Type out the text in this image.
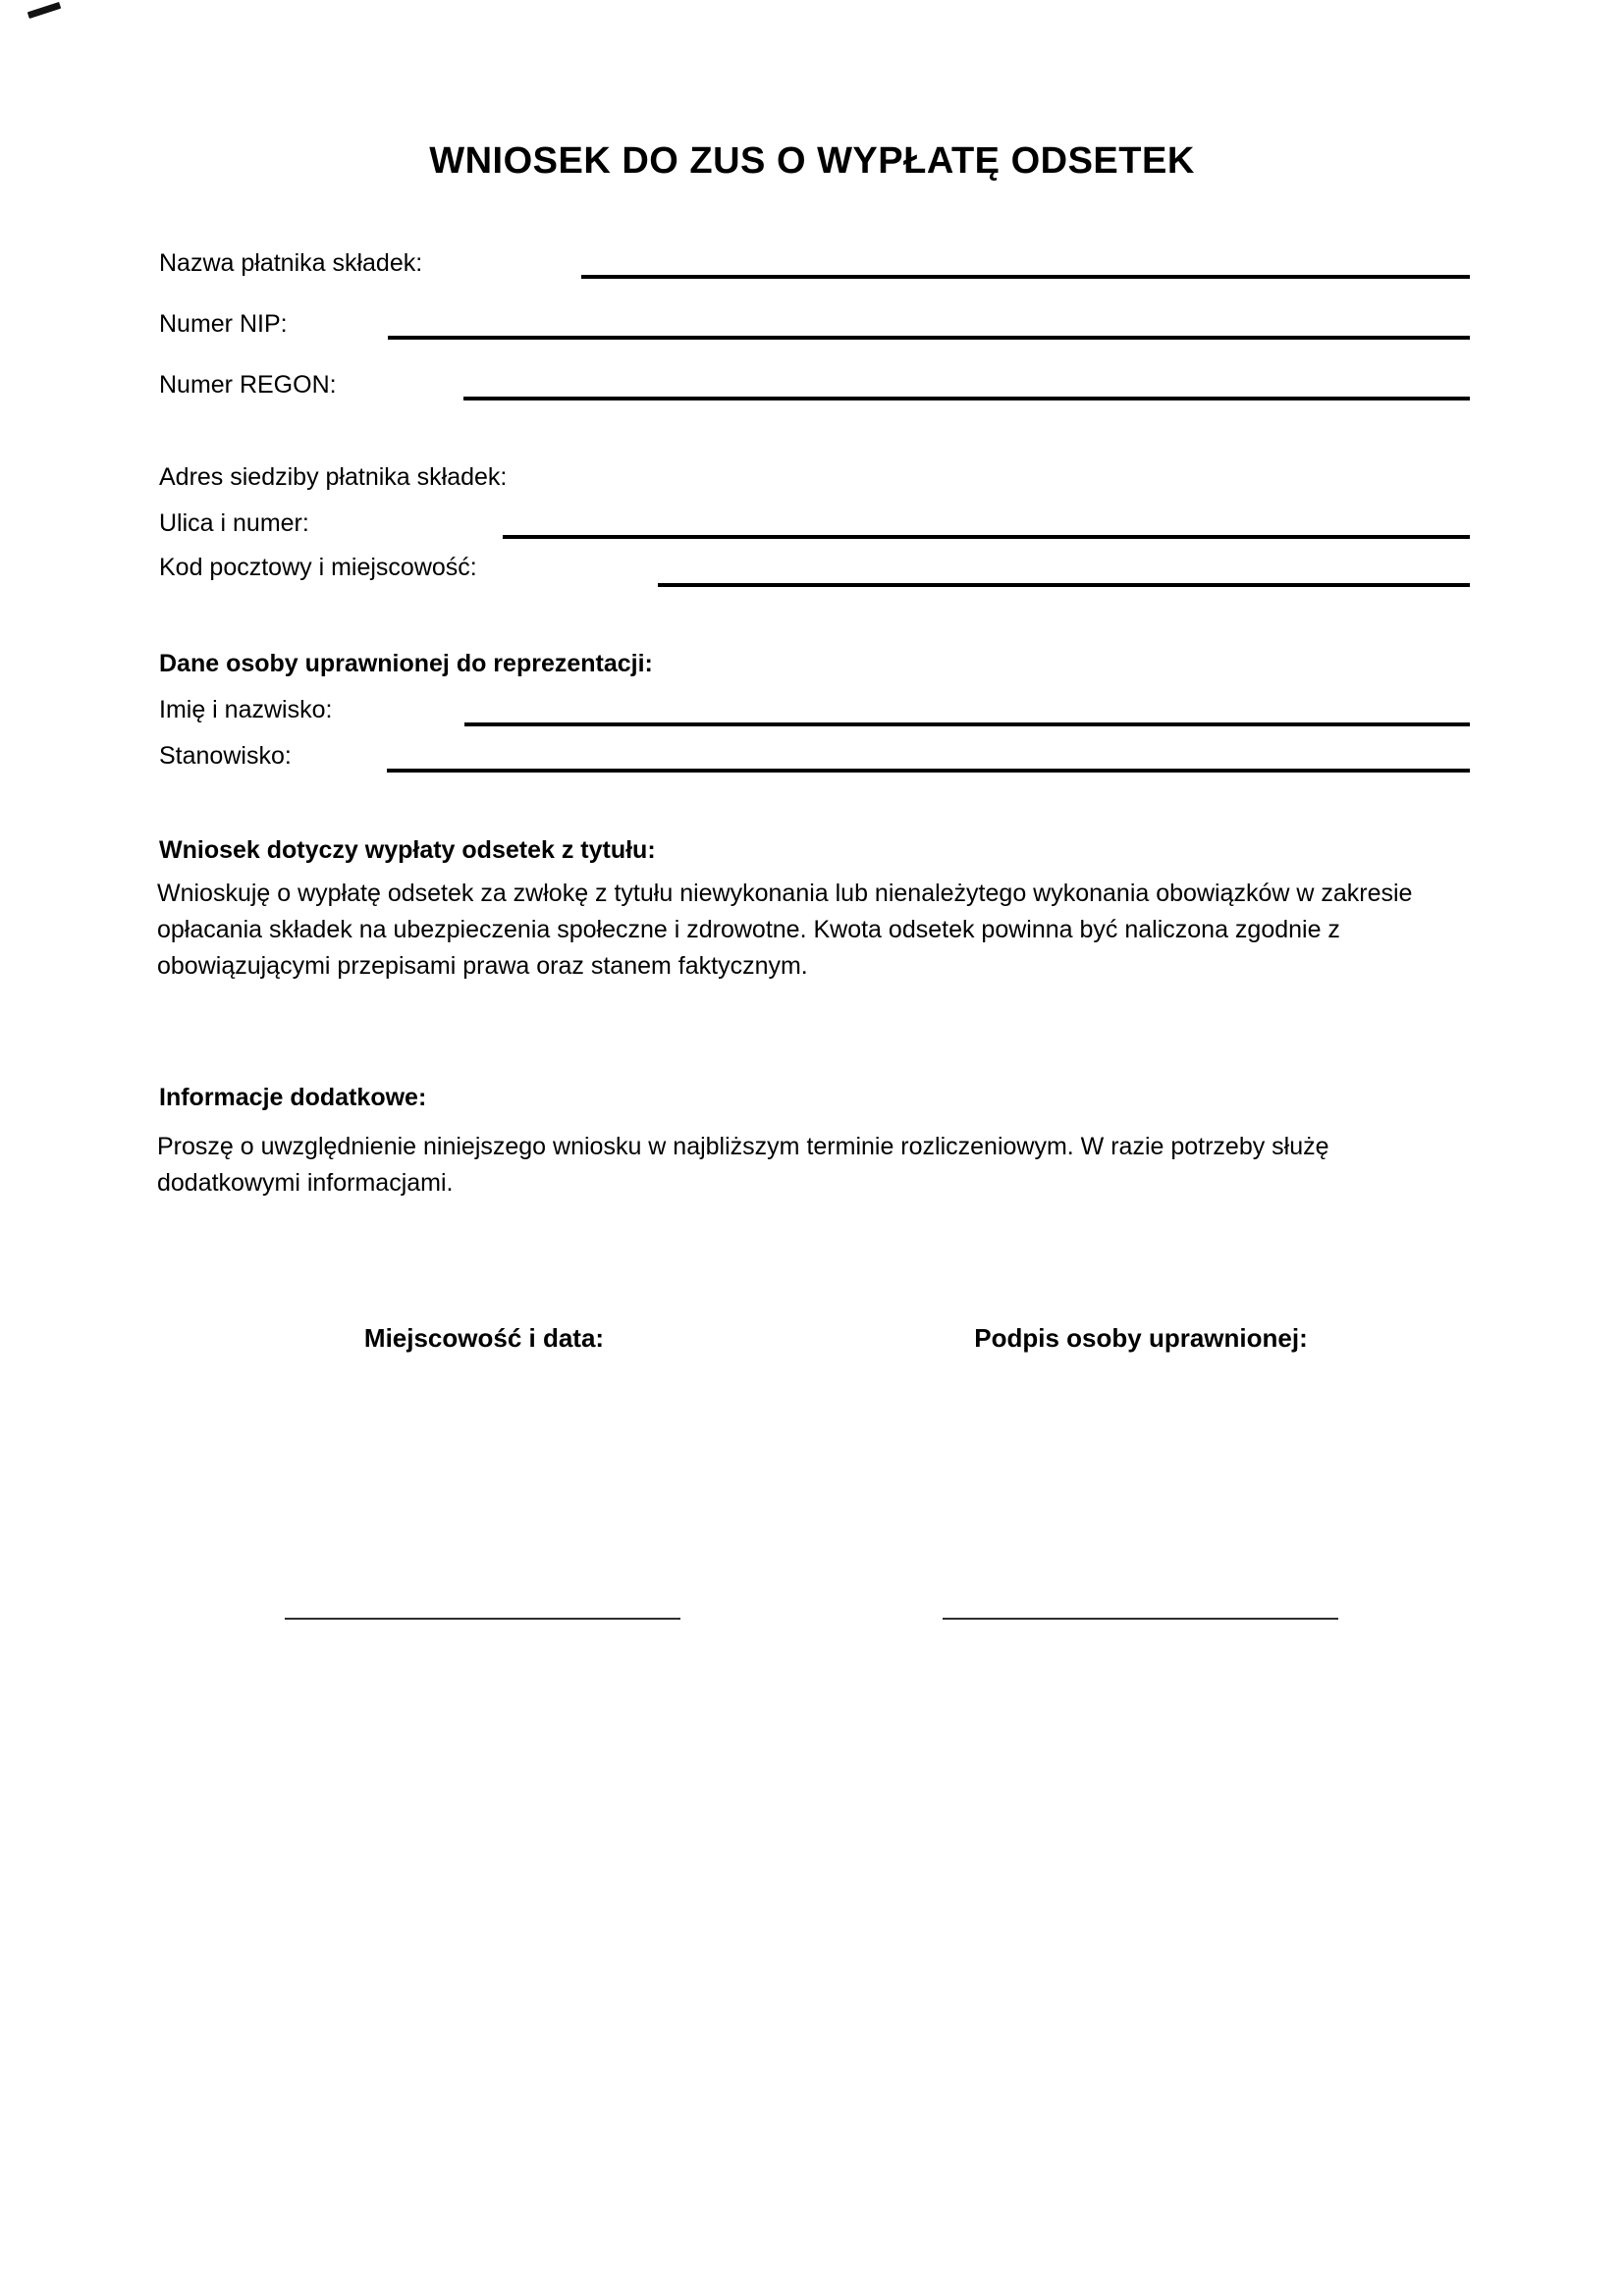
WNIOSEK DO ZUS O WYPŁATĘ ODSETEK
Nazwa płatnika składek:
Numer NIP:
Numer REGON:
Adres siedziby płatnika składek:
Ulica i numer:
Kod pocztowy i miejscowość:
Dane osoby uprawnionej do reprezentacji:
Imię i nazwisko:
Stanowisko:
Wniosek dotyczy wypłaty odsetek z tytułu:
Wnioskuję o wypłatę odsetek za zwłokę z tytułu niewykonania lub nienależytego wykonania obowiązków w zakresie opłacania składek na ubezpieczenia społeczne i zdrowotne. Kwota odsetek powinna być naliczona zgodnie z obowiązującymi przepisami prawa oraz stanem faktycznym.
Informacje dodatkowe:
Proszę o uwzględnienie niniejszego wniosku w najbliższym terminie rozliczeniowym. W razie potrzeby służę dodatkowymi informacjami.
Miejscowość i data:	Podpis osoby uprawnionej:
